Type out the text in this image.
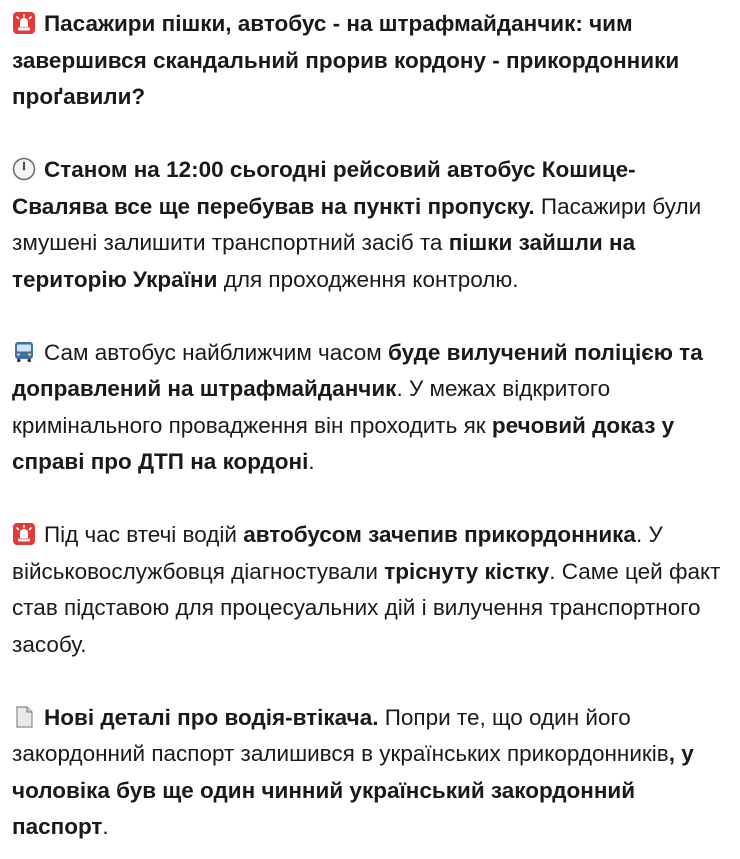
Пасажири пішки, автобус - на штрафмайданчик: чим завершився скандальний прорив кордону - прикордонники проґавили?

Станом на 12:00 сьогодні рейсовий автобус Кошице-Свалява все ще перебував на пункті пропуску. Пасажири були змушені залишити транспортний засіб та пішки зайшли на територію України для проходження контролю.

Сам автобус найближчим часом буде вилучений поліцією та доправлений на штрафмайданчик. У межах відкритого кримінального провадження він проходить як речовий доказ у справі про ДТП на кордоні.

Під час втечі водій автобусом зачепив прикордонника. У військовослужбовця діагностували тріснуту кістку. Саме цей факт став підставою для процесуальних дій і вилучення транспортного засобу.

Нові деталі про водія-втікача. Попри те, що один його закордонний паспорт залишився в українських прикордонників, у чоловіка був ще один чинний український закордонний паспорт.
